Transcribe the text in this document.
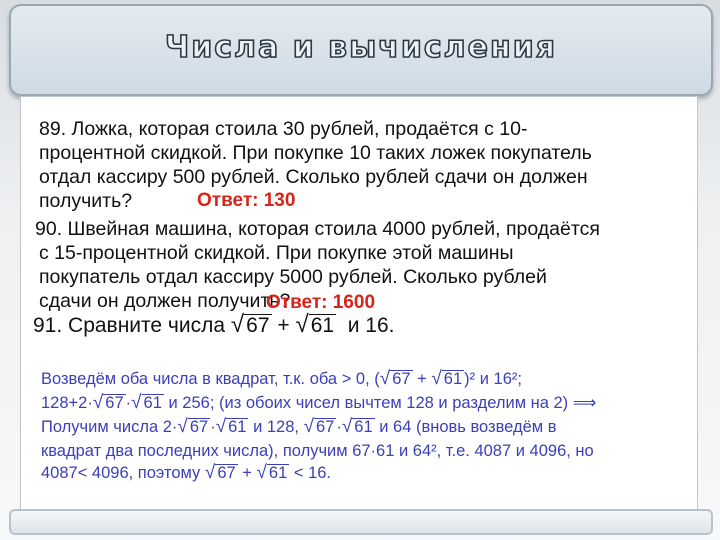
Числа и вычисления
89. Ложка, которая стоила 30 рублей, продаётся с 10-
процентной скидкой. При покупке 10 таких ложек покупатель
отдал кассиру 500 рублей. Сколько рублей сдачи он должен
получить?	Ответ: 130
90. Швейная машина, которая стоила 4000 рублей, продаётся
с 15-процентной скидкой. При покупке этой машины
покупатель отдал кассиру 5000 рублей. Сколько рублей
сдачи он должен получить?
Ответ: 1600
91. Сравните числа √67 + √61 и 16.
Возведём оба числа в квадрат, т.к. оба > 0, (√ 67 + √ 61 )² и 16²;
128+2·√ 67 ·√ 61 и 256; (из обоих чисел вычтем 128 и разделим на 2) ⟹
Получим числа 2·√ 67 ·√ 61 и 128, √ 67 ·√ 61 и 64 (вновь возведём в
квадрат два последних числа), получим 67·61 и 64², т.е. 4087 и 4096, но
4087< 4096, поэтому √ 67 + √ 61 < 16.
